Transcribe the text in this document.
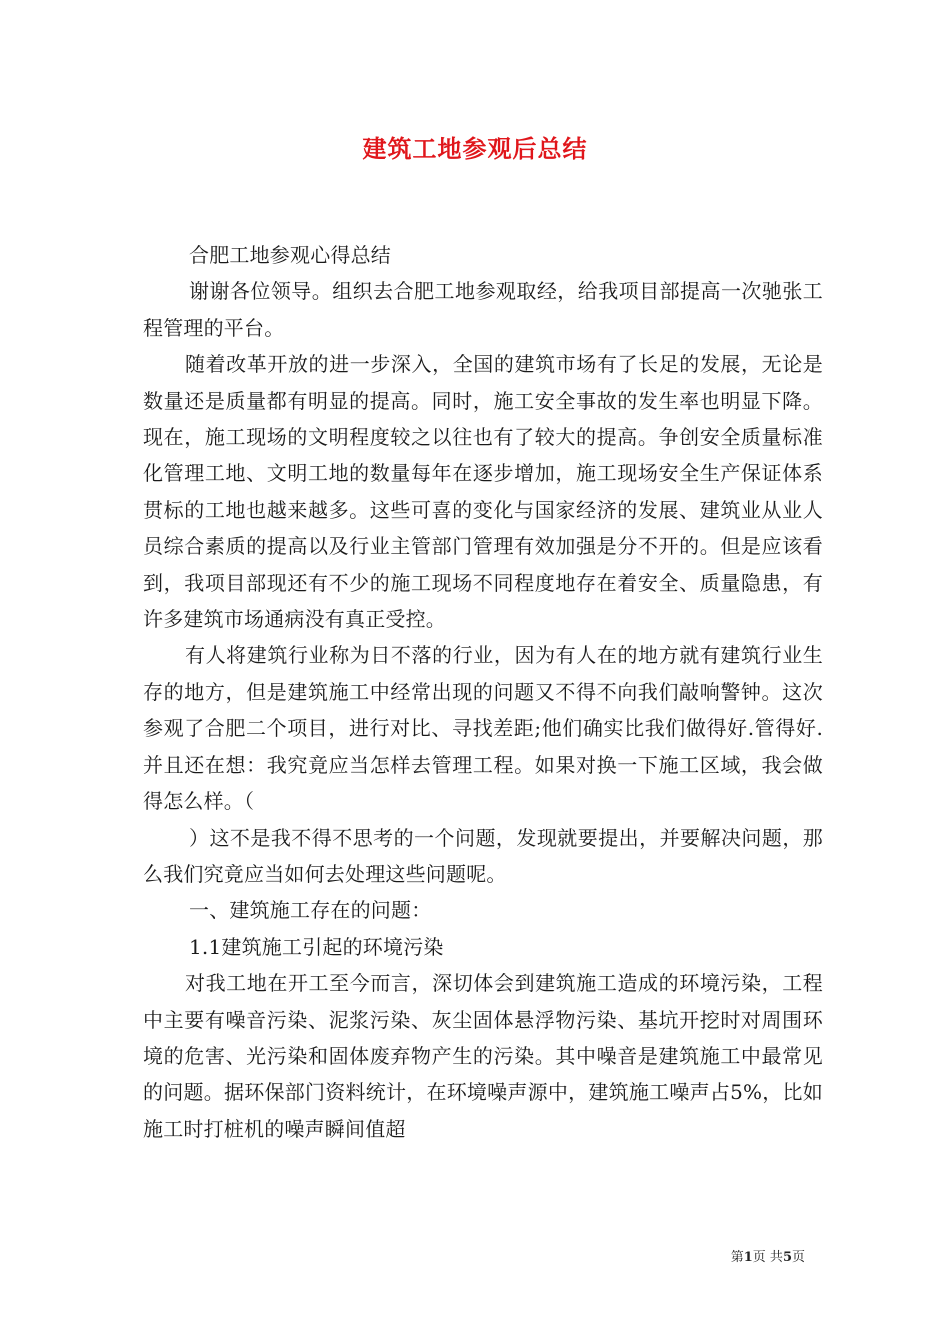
建筑工地参观后总结

合肥工地参观心得总结

谢谢各位领导。组织去合肥工地参观取经，给我项目部提高一次驰张工程管理的平台。

随着改革开放的进一步深入，全国的建筑市场有了长足的发展，无论是数量还是质量都有明显的提高。同时，施工安全事故的发生率也明显下降。现在，施工现场的文明程度较之以往也有了较大的提高。争创安全质量标准化管理工地、文明工地的数量每年在逐步增加，施工现场安全生产保证体系贯标的工地也越来越多。这些可喜的变化与国家经济的发展、建筑业从业人员综合素质的提高以及行业主管部门管理有效加强是分不开的。但是应该看到，我项目部现还有不少的施工现场不同程度地存在着安全、质量隐患，有许多建筑市场通病没有真正受控。

有人将建筑行业称为日不落的行业，因为有人在的地方就有建筑行业生存的地方，但是建筑施工中经常出现的问题又不得不向我们敲响警钟。这次参观了合肥二个项目，进行对比、寻找差距;他们确实比我们做得好.管得好.并且还在想：我究竟应当怎样去管理工程。如果对换一下施工区域，我会做得怎么样。（

）这不是我不得不思考的一个问题，发现就要提出，并要解决问题，那么我们究竟应当如何去处理这些问题呢。

一、建筑施工存在的问题：

1.1建筑施工引起的环境污染

对我工地在开工至今而言，深切体会到建筑施工造成的环境污染，工程中主要有噪音污染、泥浆污染、灰尘固体悬浮物污染、基坑开挖时对周围环境的危害、光污染和固体废弃物产生的污染。其中噪音是建筑施工中最常见的问题。据环保部门资料统计，在环境噪声源中，建筑施工噪声占5%，比如施工时打桩机的噪声瞬间值超

第1页 共5页
